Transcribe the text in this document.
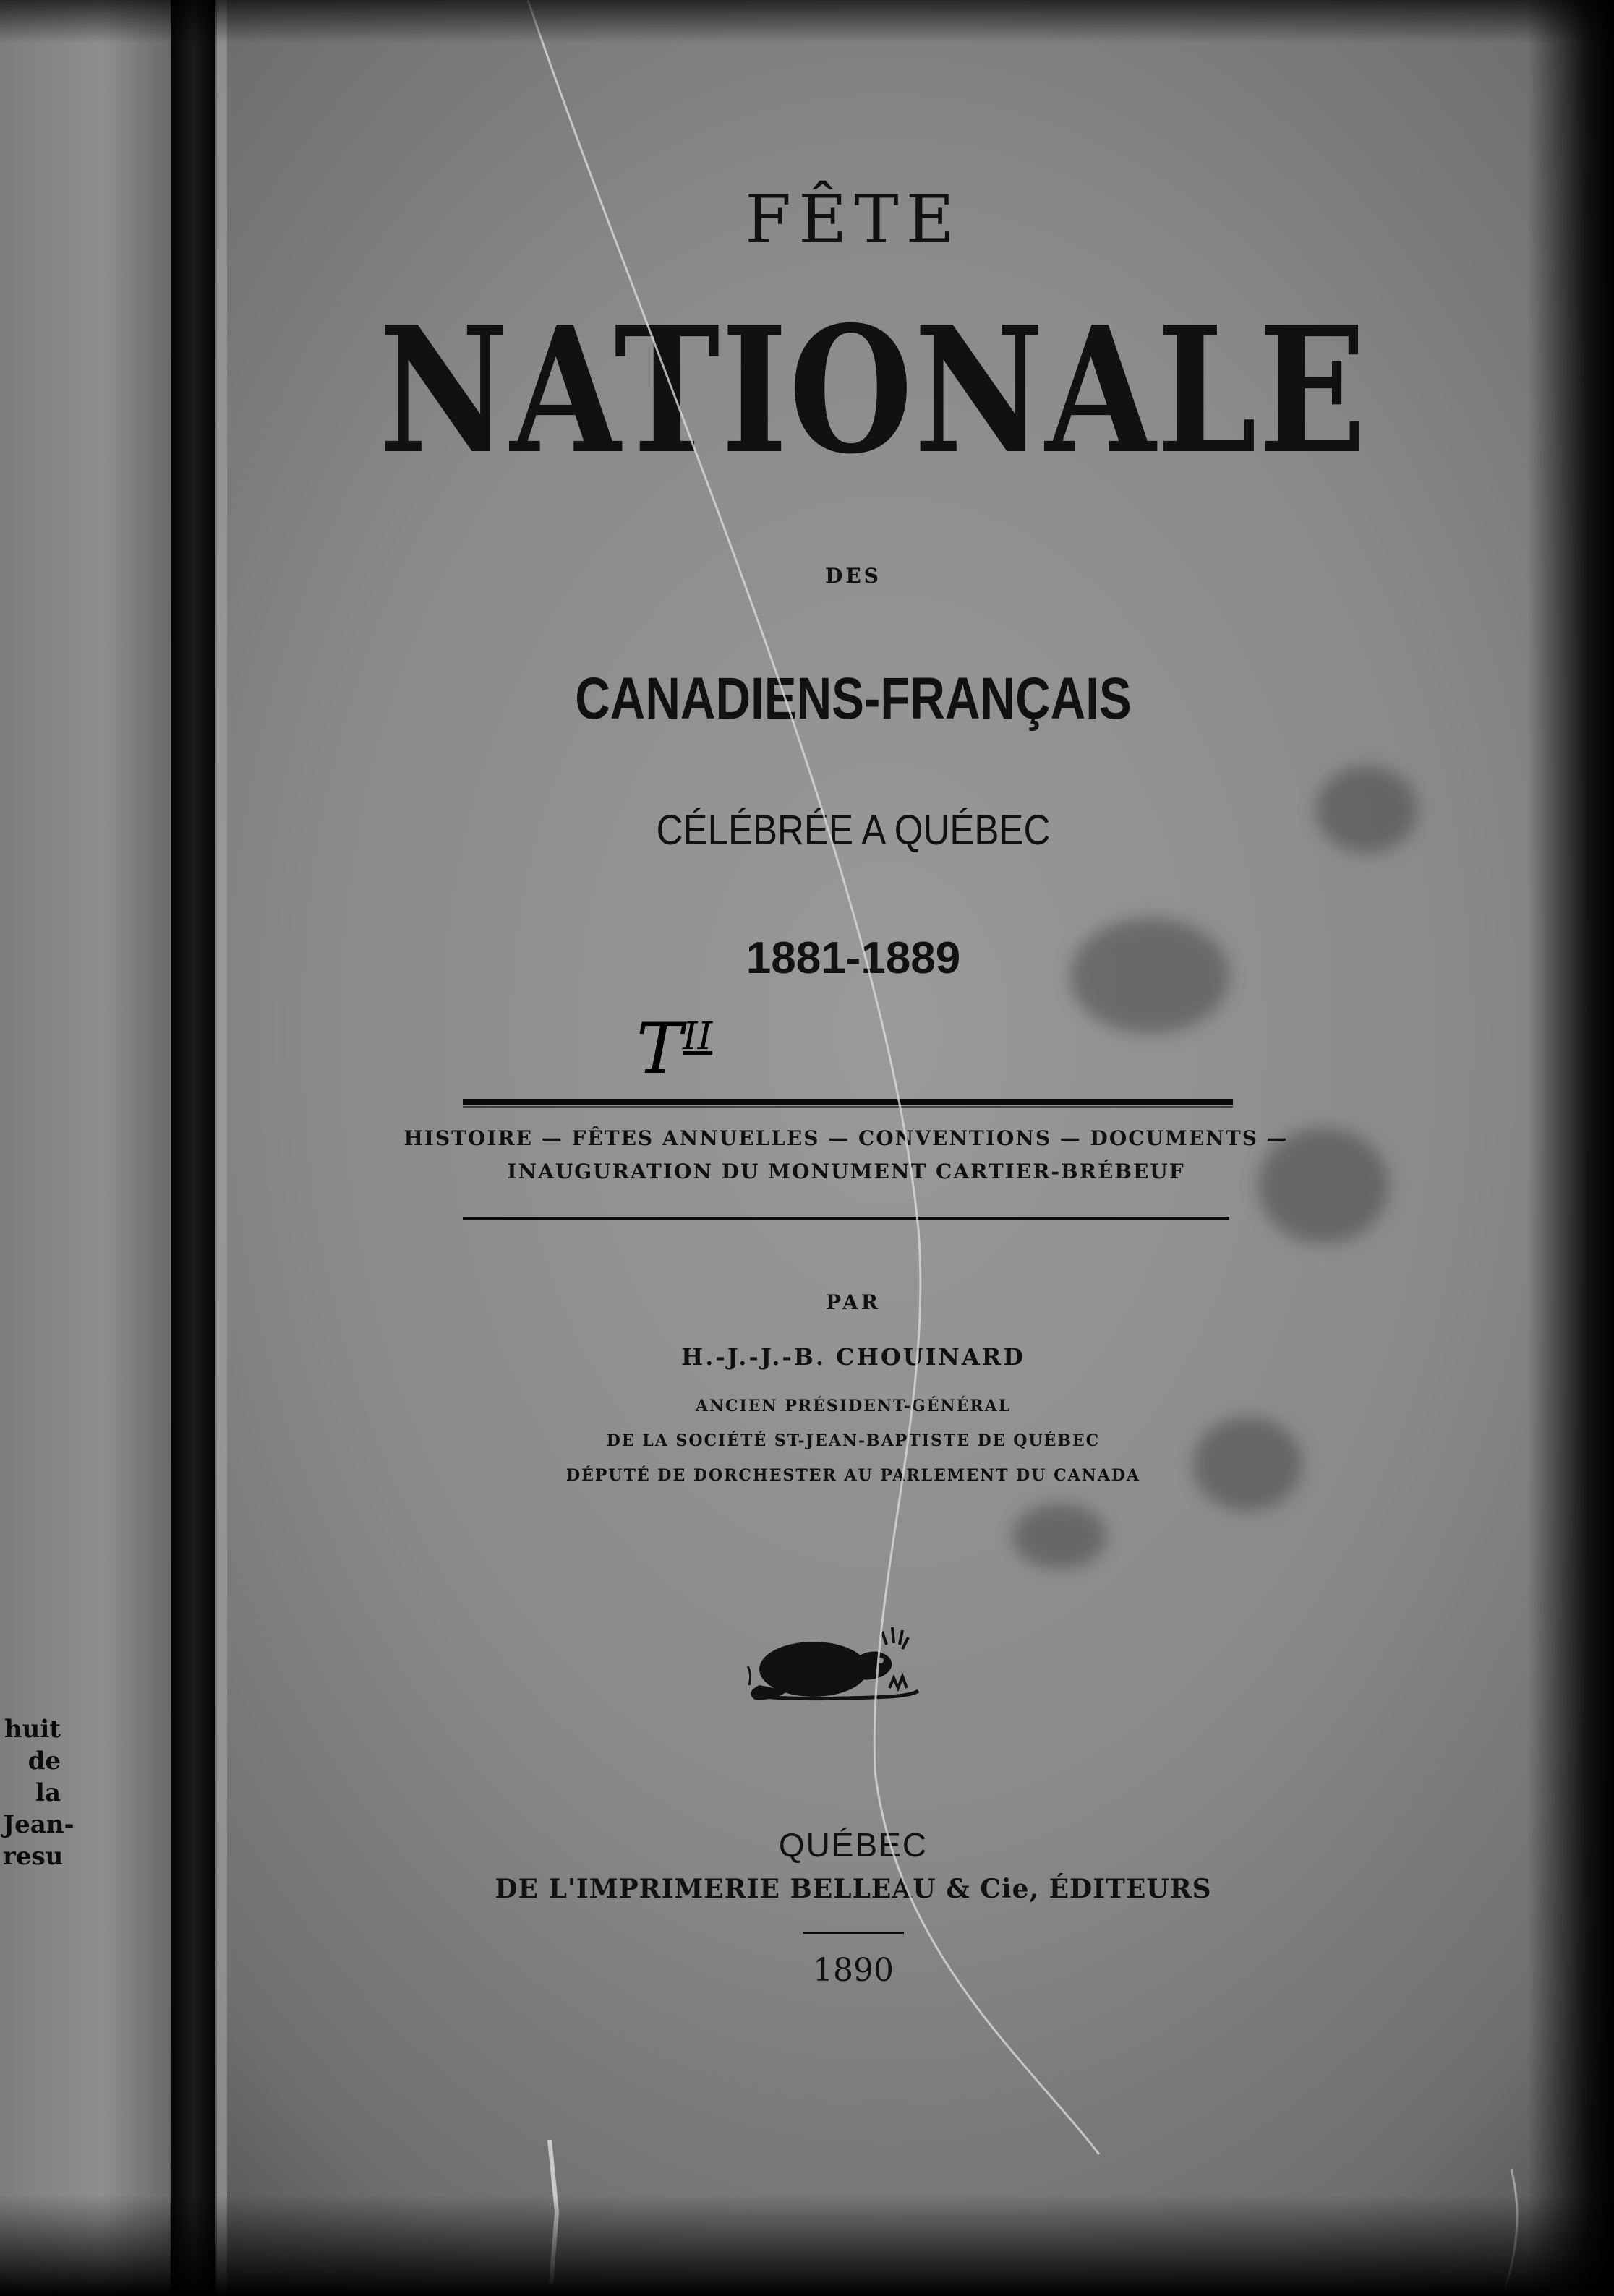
huit
de la
Jean-
resu
FÊTE
NATIONALE
DES
CANADIENS-FRANÇAIS
CÉLÉBRÉE A QUÉBEC
1881-1889
$T^{II}$
HISTOIRE — FÊTES ANNUELLES — CONVENTIONS — DOCUMENTS —
INAUGURATION DU MONUMENT CARTIER-BRÉBEUF
PAR
H.-J.-J.-B. CHOUINARD
ANCIEN PRÉSIDENT-GÉNÉRAL
DE LA SOCIÉTÉ ST-JEAN-BAPTISTE DE QUÉBEC
DÉPUTÉ DE DORCHESTER AU PARLEMENT DU CANADA
QUÉBEC
DE L'IMPRIMERIE BELLEAU & Cie, ÉDITEURS
1890
